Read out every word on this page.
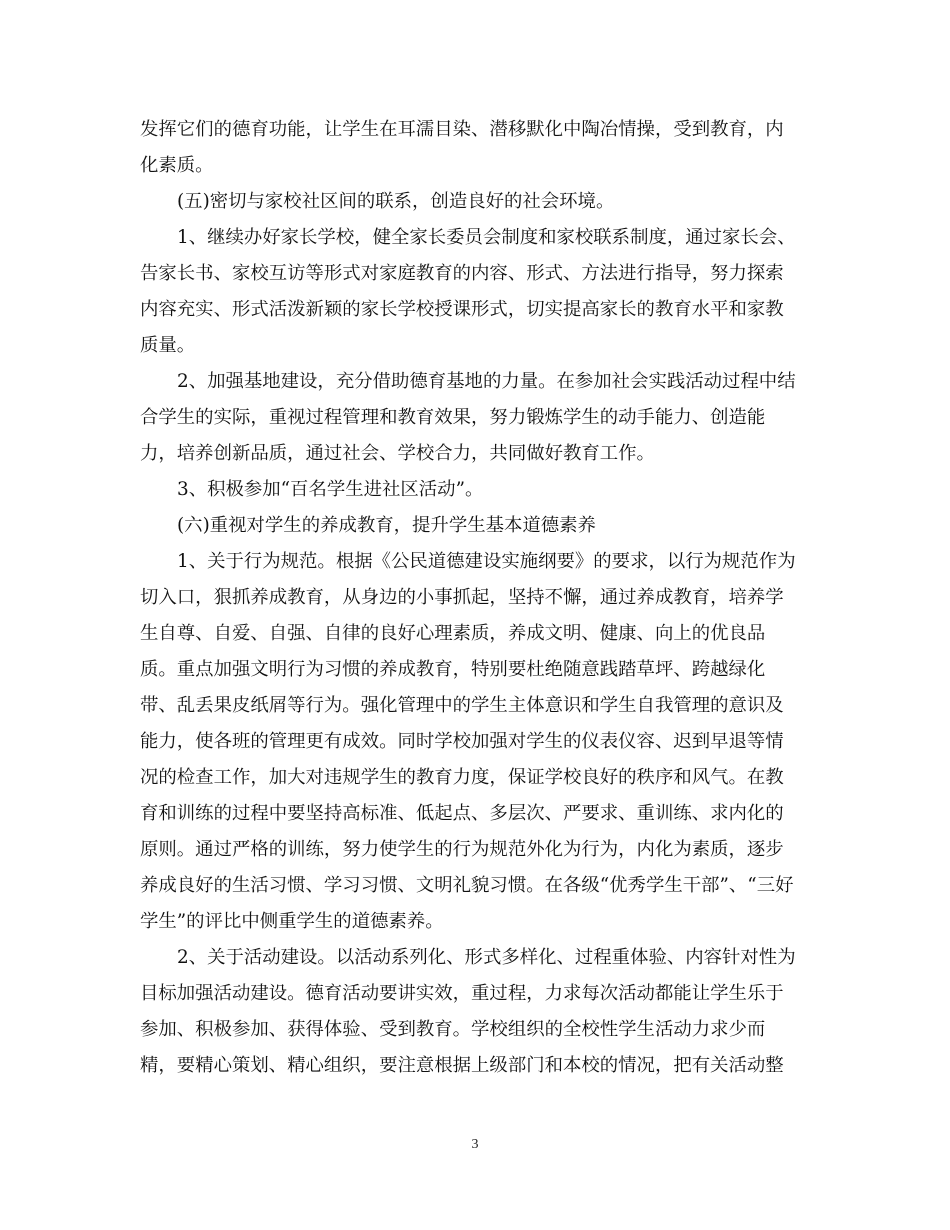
发挥它们的德育功能，让学生在耳濡目染、潜移默化中陶冶情操，受到教育，内
化素质。
(五)密切与家校社区间的联系，创造良好的社会环境。
1、继续办好家长学校，健全家长委员会制度和家校联系制度，通过家长会、
告家长书、家校互访等形式对家庭教育的内容、形式、方法进行指导，努力探索
内容充实、形式活泼新颖的家长学校授课形式，切实提高家长的教育水平和家教
质量。
2、加强基地建设，充分借助德育基地的力量。在参加社会实践活动过程中结
合学生的实际，重视过程管理和教育效果，努力锻炼学生的动手能力、创造能
力，培养创新品质，通过社会、学校合力，共同做好教育工作。
3、积极参加“百名学生进社区活动”。
(六)重视对学生的养成教育，提升学生基本道德素养
1、关于行为规范。根据《公民道德建设实施纲要》的要求，以行为规范作为
切入口，狠抓养成教育，从身边的小事抓起，坚持不懈，通过养成教育，培养学
生自尊、自爱、自强、自律的良好心理素质，养成文明、健康、向上的优良品
质。重点加强文明行为习惯的养成教育，特别要杜绝随意践踏草坪、跨越绿化
带、乱丢果皮纸屑等行为。强化管理中的学生主体意识和学生自我管理的意识及
能力，使各班的管理更有成效。同时学校加强对学生的仪表仪容、迟到早退等情
况的检查工作，加大对违规学生的教育力度，保证学校良好的秩序和风气。在教
育和训练的过程中要坚持高标准、低起点、多层次、严要求、重训练、求内化的
原则。通过严格的训练，努力使学生的行为规范外化为行为，内化为素质，逐步
养成良好的生活习惯、学习习惯、文明礼貌习惯。在各级“优秀学生干部”、“三好
学生”的评比中侧重学生的道德素养。
2、关于活动建设。以活动系列化、形式多样化、过程重体验、内容针对性为
目标加强活动建设。德育活动要讲实效，重过程，力求每次活动都能让学生乐于
参加、积极参加、获得体验、受到教育。学校组织的全校性学生活动力求少而
精，要精心策划、精心组织，要注意根据上级部门和本校的情况，把有关活动整
3
